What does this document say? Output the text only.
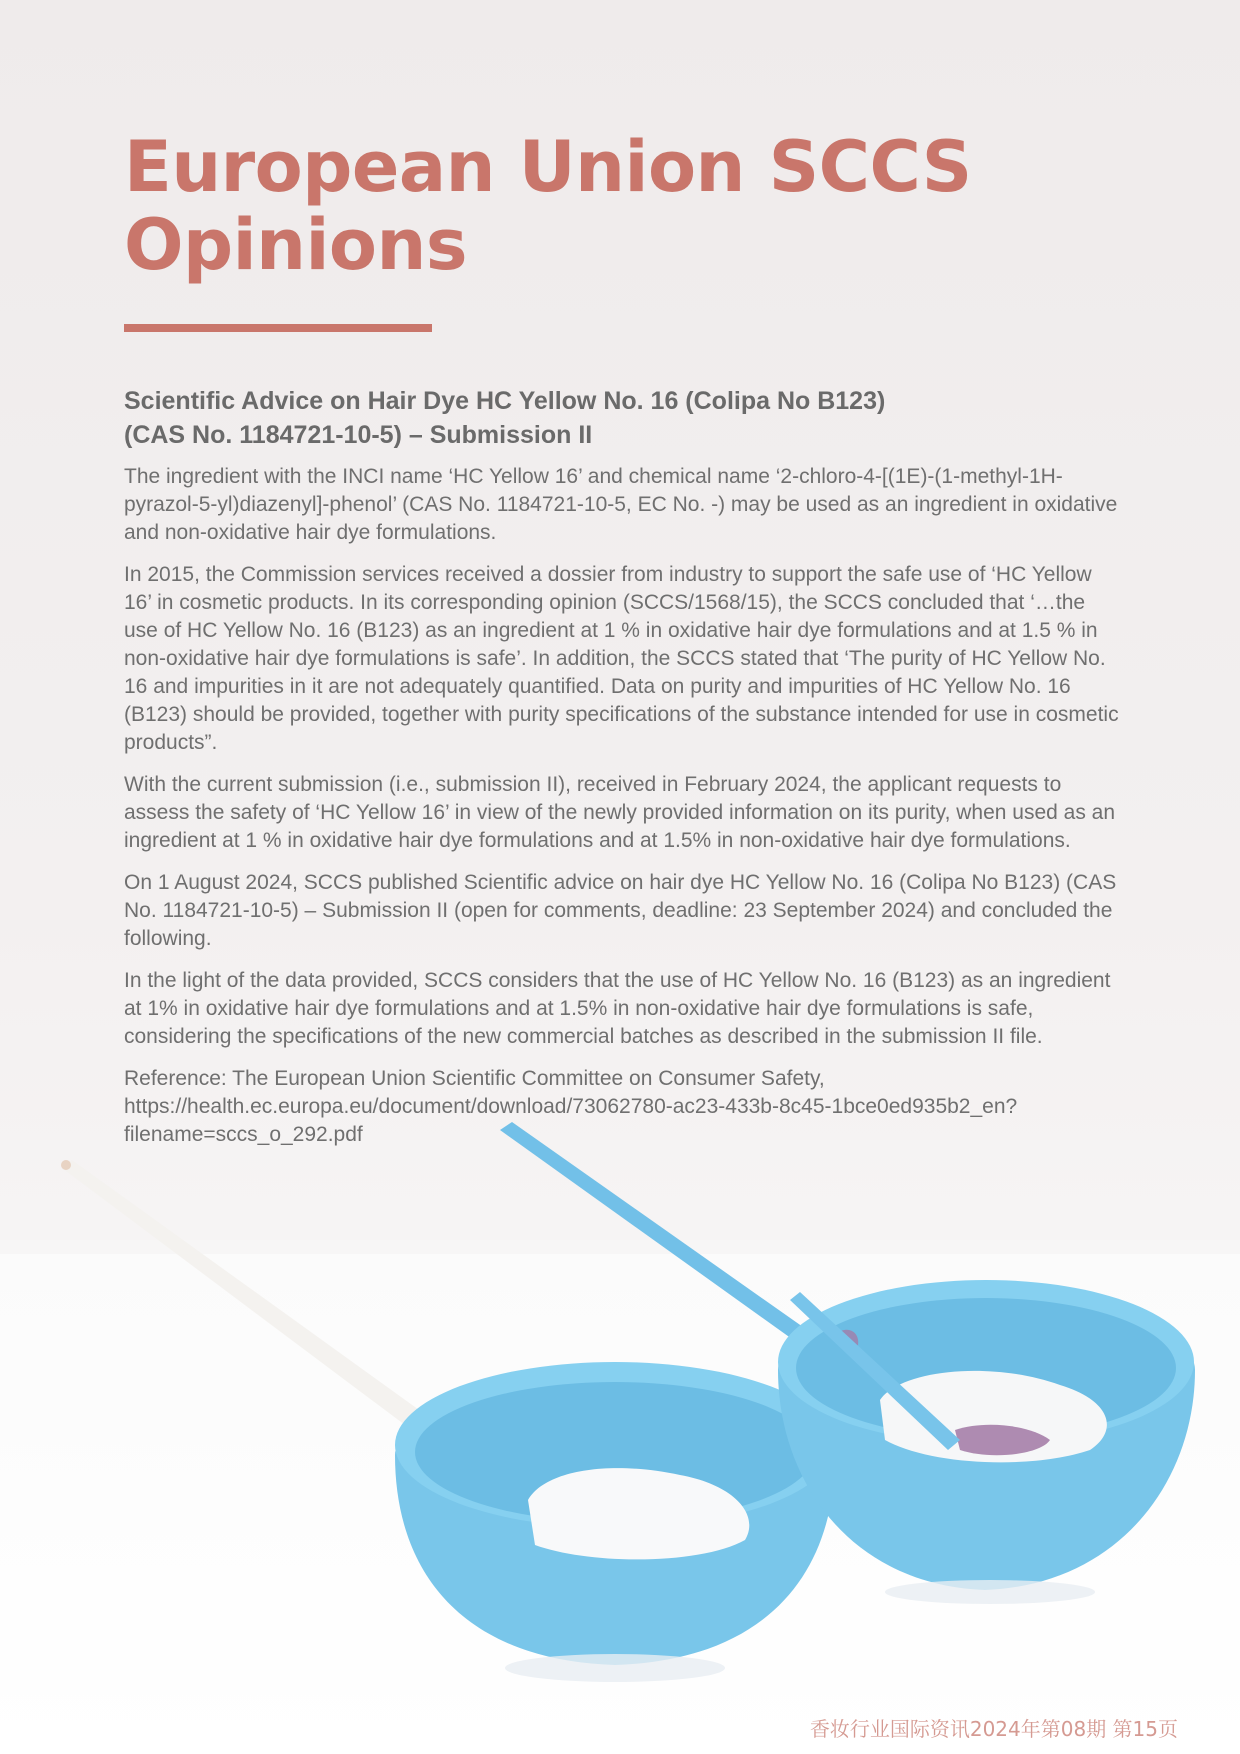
European Union SCCS Opinions
Scientific Advice on Hair Dye HC Yellow No. 16 (Colipa No B123)
(CAS No. 1184721-10-5) – Submission II

The ingredient with the INCI name ‘HC Yellow 16’ and chemical name ‘2-chloro-4-[(1E)-(1-methyl-1H-pyrazol-5-yl)diazenyl]-phenol’ (CAS No. 1184721-10-5, EC No. -) may be used as an ingredient in oxidative and non-oxidative hair dye formulations.

In 2015, the Commission services received a dossier from industry to support the safe use of ‘HC Yellow 16’ in cosmetic products. In its corresponding opinion (SCCS/1568/15), the SCCS concluded that ‘…the use of HC Yellow No. 16 (B123) as an ingredient at 1 % in oxidative hair dye formulations and at 1.5 % in non-oxidative hair dye formulations is safe’. In addition, the SCCS stated that ‘The purity of HC Yellow No. 16 and impurities in it are not adequately quantified. Data on purity and impurities of HC Yellow No. 16 (B123) should be provided, together with purity specifications of the substance intended for use in cosmetic products”.

With the current submission (i.e., submission II), received in February 2024, the applicant requests to assess the safety of ‘HC Yellow 16’ in view of the newly provided information on its purity, when used as an ingredient at 1 % in oxidative hair dye formulations and at 1.5% in non-oxidative hair dye formulations.

On 1 August 2024, SCCS published Scientific advice on hair dye HC Yellow No. 16 (Colipa No B123) (CAS No. 1184721-10-5) – Submission II (open for comments, deadline: 23 September 2024) and concluded the following.

In the light of the data provided, SCCS considers that the use of HC Yellow No. 16 (B123) as an ingredient at 1% in oxidative hair dye formulations and at 1.5% in non-oxidative hair dye formulations is safe, considering the specifications of the new commercial batches as described in the submission II file.

Reference: The European Union Scientific Committee on Consumer Safety,

https://health.ec.europa.eu/document/download/73062780-ac23-433b-8c45-1bce0ed935b2_en?

filename=sccs_o_292.pdf

香妆行业国际资讯2024年第08期 第15页
